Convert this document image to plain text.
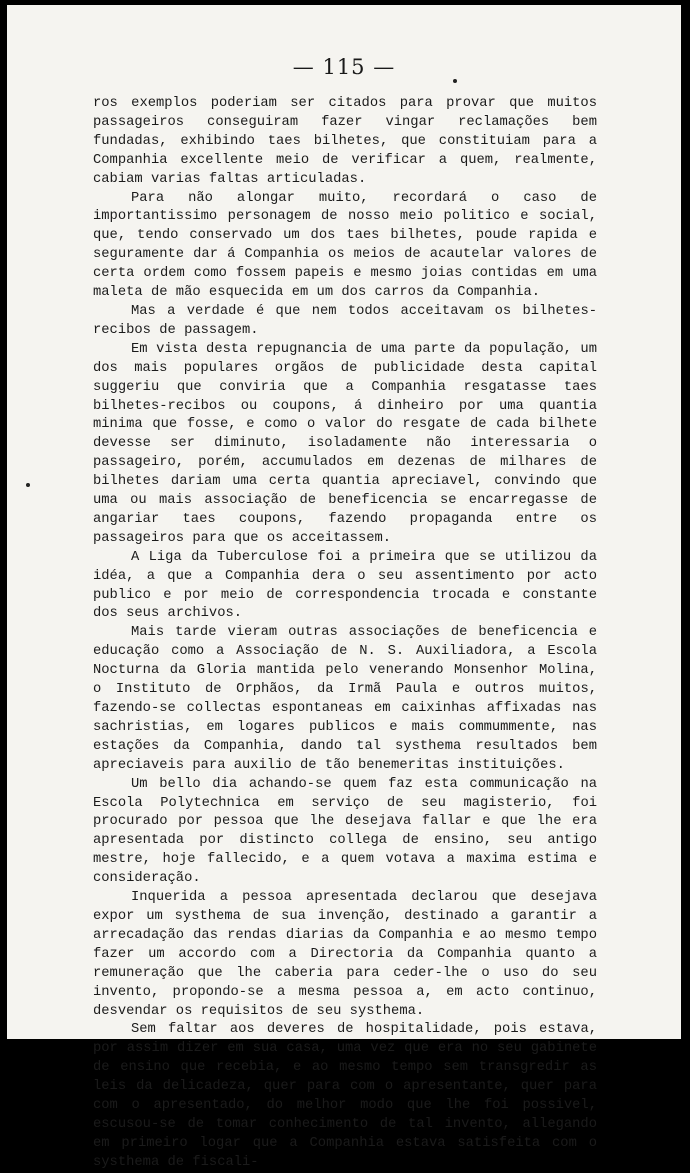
— 115 —

ros exemplos poderiam ser citados para provar que muitos passageiros conseguiram fazer vingar reclamações bem fundadas, exhibindo taes bilhetes, que constituiam para a Companhia excellente meio de verificar a quem, realmente, cabiam varias faltas articuladas.

Para não alongar muito, recordará o caso de importantissimo personagem de nosso meio politico e social, que, tendo conservado um dos taes bilhetes, poude rapida e seguramente dar á Companhia os meios de acautelar valores de certa ordem como fossem papeis e mesmo joias contidas em uma maleta de mão esquecida em um dos carros da Companhia.

Mas a verdade é que nem todos acceitavam os bilhetes-recibos de passagem.

Em vista desta repugnancia de uma parte da população, um dos mais populares orgãos de publicidade desta capital suggeriu que conviria que a Companhia resgatasse taes bilhetes-recibos ou coupons, á dinheiro por uma quantia minima que fosse, e como o valor do resgate de cada bilhete devesse ser diminuto, isoladamente não interessaria o passageiro, porém, accumulados em dezenas de milhares de bilhetes dariam uma certa quantia apreciavel, convindo que uma ou mais associação de beneficencia se encarregasse de angariar taes coupons, fazendo propaganda entre os passageiros para que os acceitassem.

A Liga da Tuberculose foi a primeira que se utilizou da idéa, a que a Companhia dera o seu assentimento por acto publico e por meio de correspondencia trocada e constante dos seus archivos.

Mais tarde vieram outras associações de beneficencia e educação como a Associação de N. S. Auxiliadora, a Escola Nocturna da Gloria mantida pelo venerando Monsenhor Molina, o Instituto de Orphãos, da Irmã Paula e outros muitos, fazendo-se collectas espontaneas em caixinhas affixadas nas sachristias, em logares publicos e mais commummente, nas estações da Companhia, dando tal systhema resultados bem apreciaveis para auxilio de tão benemeritas instituições.

Um bello dia achando-se quem faz esta communicação na Escola Polytechnica em serviço de seu magisterio, foi procurado por pessoa que lhe desejava fallar e que lhe era apresentada por distincto collega de ensino, seu antigo mestre, hoje fallecido, e a quem votava a maxima estima e consideração.

Inquerida a pessoa apresentada declarou que desejava expor um systhema de sua invenção, destinado a garantir a arrecadação das rendas diarias da Companhia e ao mesmo tempo fazer um accordo com a Directoria da Companhia quanto a remuneração que lhe caberia para ceder-lhe o uso do seu invento, propondo-se a mesma pessoa a, em acto continuo, desvendar os requisitos de seu systhema.

Sem faltar aos deveres de hospitalidade, pois estava, por assim dizer em sua casa, uma vez que era no seu gabinete de ensino que recebia, e ao mesmo tempo sem transgredir as leis da delicadeza, quer para com o apresentante, quer para com o apresentado, do melhor modo que lhe foi possivel, escusou-se de tomar conhecimento de tal invento, allegando em primeiro logar que a Companhia estava satisfeita com o systhema de fiscali-
